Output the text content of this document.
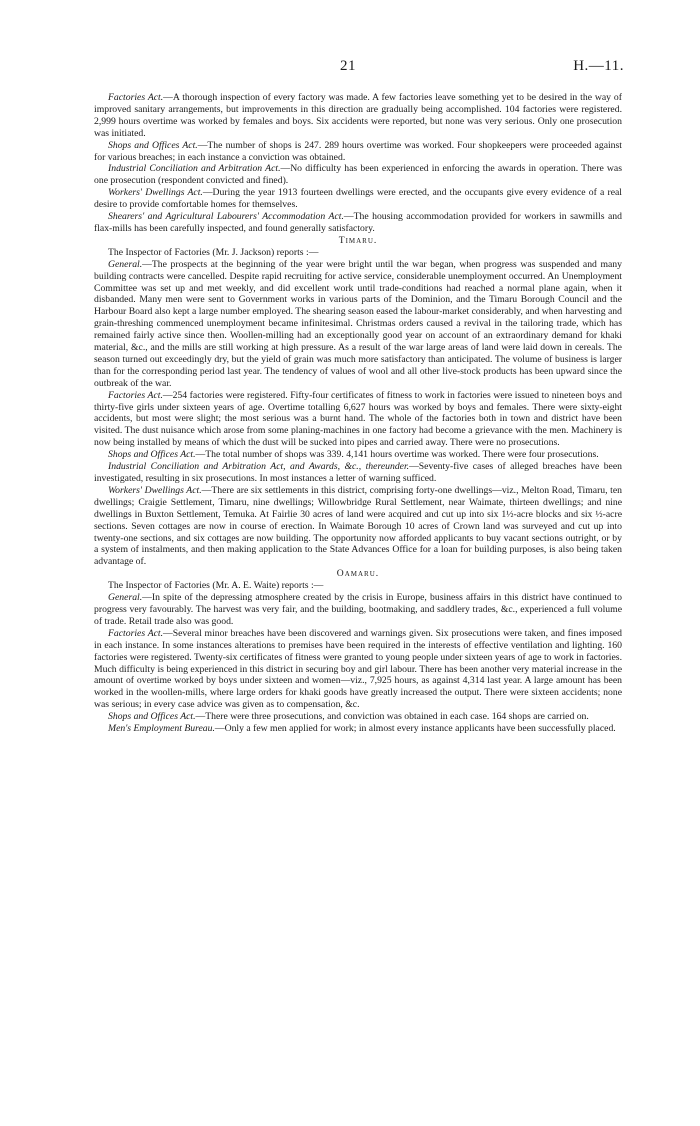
21	H.—11.

Factories Act.—A thorough inspection of every factory was made. A few factories leave something yet to be desired in the way of improved sanitary arrangements, but improvements in this direction are gradually being accomplished. 104 factories were registered. 2,999 hours overtime was worked by females and boys. Six accidents were reported, but none was very serious. Only one prosecution was initiated.

Shops and Offices Act.—The number of shops is 247. 289 hours overtime was worked. Four shopkeepers were proceeded against for various breaches; in each instance a conviction was obtained.

Industrial Conciliation and Arbitration Act.—No difficulty has been experienced in enforcing the awards in operation. There was one prosecution (respondent convicted and fined).

Workers' Dwellings Act.—During the year 1913 fourteen dwellings were erected, and the occupants give every evidence of a real desire to provide comfortable homes for themselves.

Shearers' and Agricultural Labourers' Accommodation Act.—The housing accommodation provided for workers in sawmills and flax-mills has been carefully inspected, and found generally satisfactory.

Timaru.

The Inspector of Factories (Mr. J. Jackson) reports :—

General.—The prospects at the beginning of the year were bright until the war began, when progress was suspended and many building contracts were cancelled. Despite rapid recruiting for active service, considerable unemployment occurred. An Unemployment Committee was set up and met weekly, and did excellent work until trade-conditions had reached a normal plane again, when it disbanded. Many men were sent to Government works in various parts of the Dominion, and the Timaru Borough Council and the Harbour Board also kept a large number employed. The shearing season eased the labour-market considerably, and when harvesting and grain-threshing commenced unemployment became infinitesimal. Christmas orders caused a revival in the tailoring trade, which has remained fairly active since then. Woollen-milling had an exceptionally good year on account of an extraordinary demand for khaki material, &c., and the mills are still working at high pressure. As a result of the war large areas of land were laid down in cereals. The season turned out exceedingly dry, but the yield of grain was much more satisfactory than anticipated. The volume of business is larger than for the corresponding period last year. The tendency of values of wool and all other live-stock products has been upward since the outbreak of the war.

Factories Act.—254 factories were registered. Fifty-four certificates of fitness to work in factories were issued to nineteen boys and thirty-five girls under sixteen years of age. Overtime totalling 6,627 hours was worked by boys and females. There were sixty-eight accidents, but most were slight; the most serious was a burnt hand. The whole of the factories both in town and district have been visited. The dust nuisance which arose from some planing-machines in one factory had become a grievance with the men. Machinery is now being installed by means of which the dust will be sucked into pipes and carried away. There were no prosecutions.

Shops and Offices Act.—The total number of shops was 339. 4,141 hours overtime was worked. There were four prosecutions.

Industrial Conciliation and Arbitration Act, and Awards, &c., thereunder.—Seventy-five cases of alleged breaches have been investigated, resulting in six prosecutions. In most instances a letter of warning sufficed.

Workers' Dwellings Act.—There are six settlements in this district, comprising forty-one dwellings—viz., Melton Road, Timaru, ten dwellings; Craigie Settlement, Timaru, nine dwellings; Willowbridge Rural Settlement, near Waimate, thirteen dwellings; and nine dwellings in Buxton Settlement, Temuka. At Fairlie 30 acres of land were acquired and cut up into six 1½-acre blocks and six ½-acre sections. Seven cottages are now in course of erection. In Waimate Borough 10 acres of Crown land was surveyed and cut up into twenty-one sections, and six cottages are now building. The opportunity now afforded applicants to buy vacant sections outright, or by a system of instalments, and then making application to the State Advances Office for a loan for building purposes, is also being taken advantage of.

Oamaru.

The Inspector of Factories (Mr. A. E. Waite) reports :—

General.—In spite of the depressing atmosphere created by the crisis in Europe, business affairs in this district have continued to progress very favourably. The harvest was very fair, and the building, bootmaking, and saddlery trades, &c., experienced a full volume of trade. Retail trade also was good.

Factories Act.—Several minor breaches have been discovered and warnings given. Six prosecutions were taken, and fines imposed in each instance. In some instances alterations to premises have been required in the interests of effective ventilation and lighting. 160 factories were registered. Twenty-six certificates of fitness were granted to young people under sixteen years of age to work in factories. Much difficulty is being experienced in this district in securing boy and girl labour. There has been another very material increase in the amount of overtime worked by boys under sixteen and women—viz., 7,925 hours, as against 4,314 last year. A large amount has been worked in the woollen-mills, where large orders for khaki goods have greatly increased the output. There were sixteen accidents; none was serious; in every case advice was given as to compensation, &c.

Shops and Offices Act.—There were three prosecutions, and conviction was obtained in each case. 164 shops are carried on.

Men's Employment Bureau.—Only a few men applied for work; in almost every instance applicants have been successfully placed.
